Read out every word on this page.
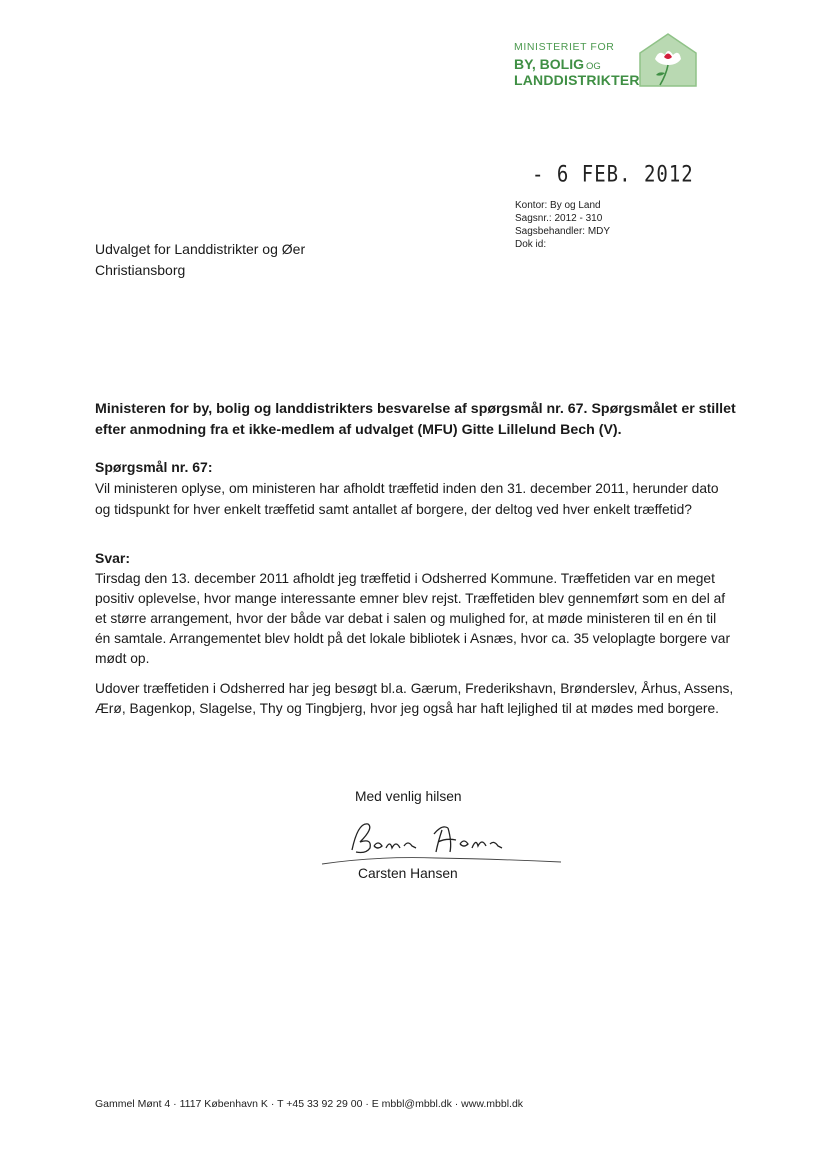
MINISTERIET FOR
BY, BOLIG OG
LANDDISTRIKTER
- 6 FEB. 2012
Kontor: By og Land
Sagsnr.: 2012 - 310
Sagsbehandler: MDY
Dok id:
Udvalget for Landdistrikter og Øer
Christiansborg
Ministeren for by, bolig og landdistrikters besvarelse af spørgsmål nr. 67. Spørgsmålet er stillet efter anmodning fra et ikke-medlem af udvalget (MFU) Gitte Lillelund Bech (V).
Spørgsmål nr. 67:
Vil ministeren oplyse, om ministeren har afholdt træffetid inden den 31. december 2011, herunder dato og tidspunkt for hver enkelt træffetid samt antallet af borgere, der deltog ved hver enkelt træffetid?
Svar:
Tirsdag den 13. december 2011 afholdt jeg træffetid i Odsherred Kommune. Træffetiden var en meget positiv oplevelse, hvor mange interessante emner blev rejst. Træffetiden blev gennemført som en del af et større arrangement, hvor der både var debat i salen og mulighed for, at møde ministeren til en én til én samtale. Arrangementet blev holdt på det lokale bibliotek i Asnæs, hvor ca. 35 veloplagte borgere var mødt op.
Udover træffetiden i Odsherred har jeg besøgt bl.a. Gærum, Frederikshavn, Brønderslev, Århus, Assens, Ærø, Bagenkop, Slagelse, Thy og Tingbjerg, hvor jeg også har haft lejlighed til at mødes med borgere.
Med venlig hilsen
Carsten Hansen
Gammel Mønt 4 · 1117 København K · T +45 33 92 29 00 · E mbbl@mbbl.dk · www.mbbl.dk
